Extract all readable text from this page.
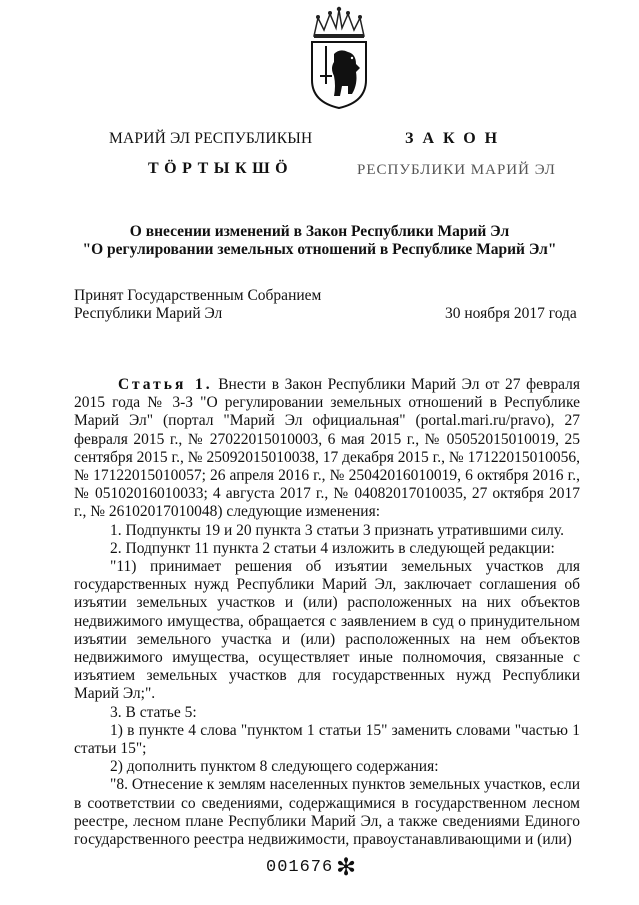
МАРИЙ ЭЛ РЕСПУБЛИКЫН
ТӦРТЫКШӦ
ЗАКОН
РЕСПУБЛИКИ МАРИЙ ЭЛ
О внесении изменений в Закон Республики Марий Эл
"О регулировании земельных отношений в Республике Марий Эл"
Принят Государственным Собранием
Республики Марий Эл	30 ноября 2017 года

Статья 1. Внести в Закон Республики Марий Эл от 27 февраля 2015 года № 3-З "О регулировании земельных отношений в Республике Марий Эл" (портал "Марий Эл официальная" (portal.mari.ru/pravo), 27 февраля 2015 г., № 27022015010003, 6 мая 2015 г., № 05052015010019, 25 сентября 2015 г., № 25092015010038, 17 декабря 2015 г., № 17122015010056, № 17122015010057; 26 апреля 2016 г., № 25042016010019, 6 октября 2016 г., № 05102016010033; 4 августа 2017 г., № 04082017010035, 27 октября 2017 г., № 26102017010048) следующие изменения:

1. Подпункты 19 и 20 пункта 3 статьи 3 признать утратившими силу.

2. Подпункт 11 пункта 2 статьи 4 изложить в следующей редакции:

"11) принимает решения об изъятии земельных участков для государственных нужд Республики Марий Эл, заключает соглашения об изъятии земельных участков и (или) расположенных на них объектов недвижимого имущества, обращается с заявлением в суд о принудительном изъятии земельного участка и (или) расположенных на нем объектов недвижимого имущества, осуществляет иные полномочия, связанные с изъятием земельных участков для государственных нужд Республики Марий Эл;".

3. В статье 5:

1) в пункте 4 слова "пунктом 1 статьи 15" заменить словами "частью 1 статьи 15";

2) дополнить пунктом 8 следующего содержания:

"8. Отнесение к землям населенных пунктов земельных участков, если в соответствии со сведениями, содержащимися в государственном лесном реестре, лесном плане Республики Марий Эл, а также сведениями Единого государственного реестра недвижимости, правоустанавливающими и (или)

001676 ✻
